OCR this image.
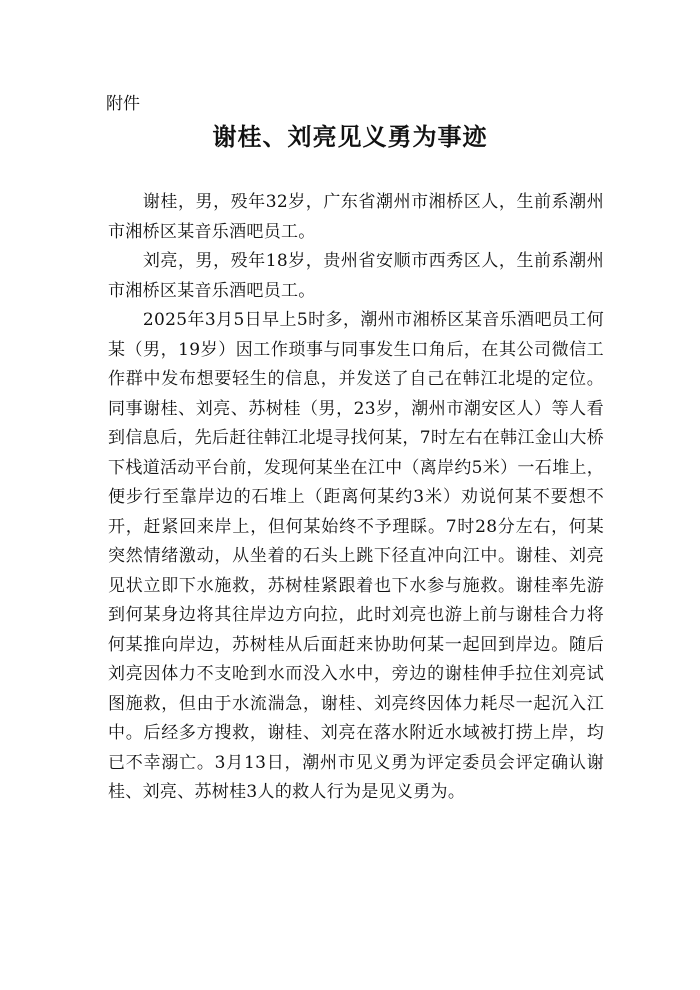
附件

谢桂、刘亮见义勇为事迹

谢桂，男，殁年32岁，广东省潮州市湘桥区人，生前系潮州市湘桥区某音乐酒吧员工。

刘亮，男，殁年18岁，贵州省安顺市西秀区人，生前系潮州市湘桥区某音乐酒吧员工。

2025年3月5日早上5时多，潮州市湘桥区某音乐酒吧员工何某（男，19岁）因工作琐事与同事发生口角后，在其公司微信工作群中发布想要轻生的信息，并发送了自己在韩江北堤的定位。同事谢桂、刘亮、苏树桂（男，23岁，潮州市潮安区人）等人看到信息后，先后赶往韩江北堤寻找何某，7时左右在韩江金山大桥下栈道活动平台前，发现何某坐在江中（离岸约5米）一石堆上，便步行至靠岸边的石堆上（距离何某约3米）劝说何某不要想不开，赶紧回来岸上，但何某始终不予理睬。7时28分左右，何某突然情绪激动，从坐着的石头上跳下径直冲向江中。谢桂、刘亮见状立即下水施救，苏树桂紧跟着也下水参与施救。谢桂率先游到何某身边将其往岸边方向拉，此时刘亮也游上前与谢桂合力将何某推向岸边，苏树桂从后面赶来协助何某一起回到岸边。随后刘亮因体力不支呛到水而没入水中，旁边的谢桂伸手拉住刘亮试图施救，但由于水流湍急，谢桂、刘亮终因体力耗尽一起沉入江中。后经多方搜救，谢桂、刘亮在落水附近水域被打捞上岸，均已不幸溺亡。3月13日，潮州市见义勇为评定委员会评定确认谢桂、刘亮、苏树桂3人的救人行为是见义勇为。
